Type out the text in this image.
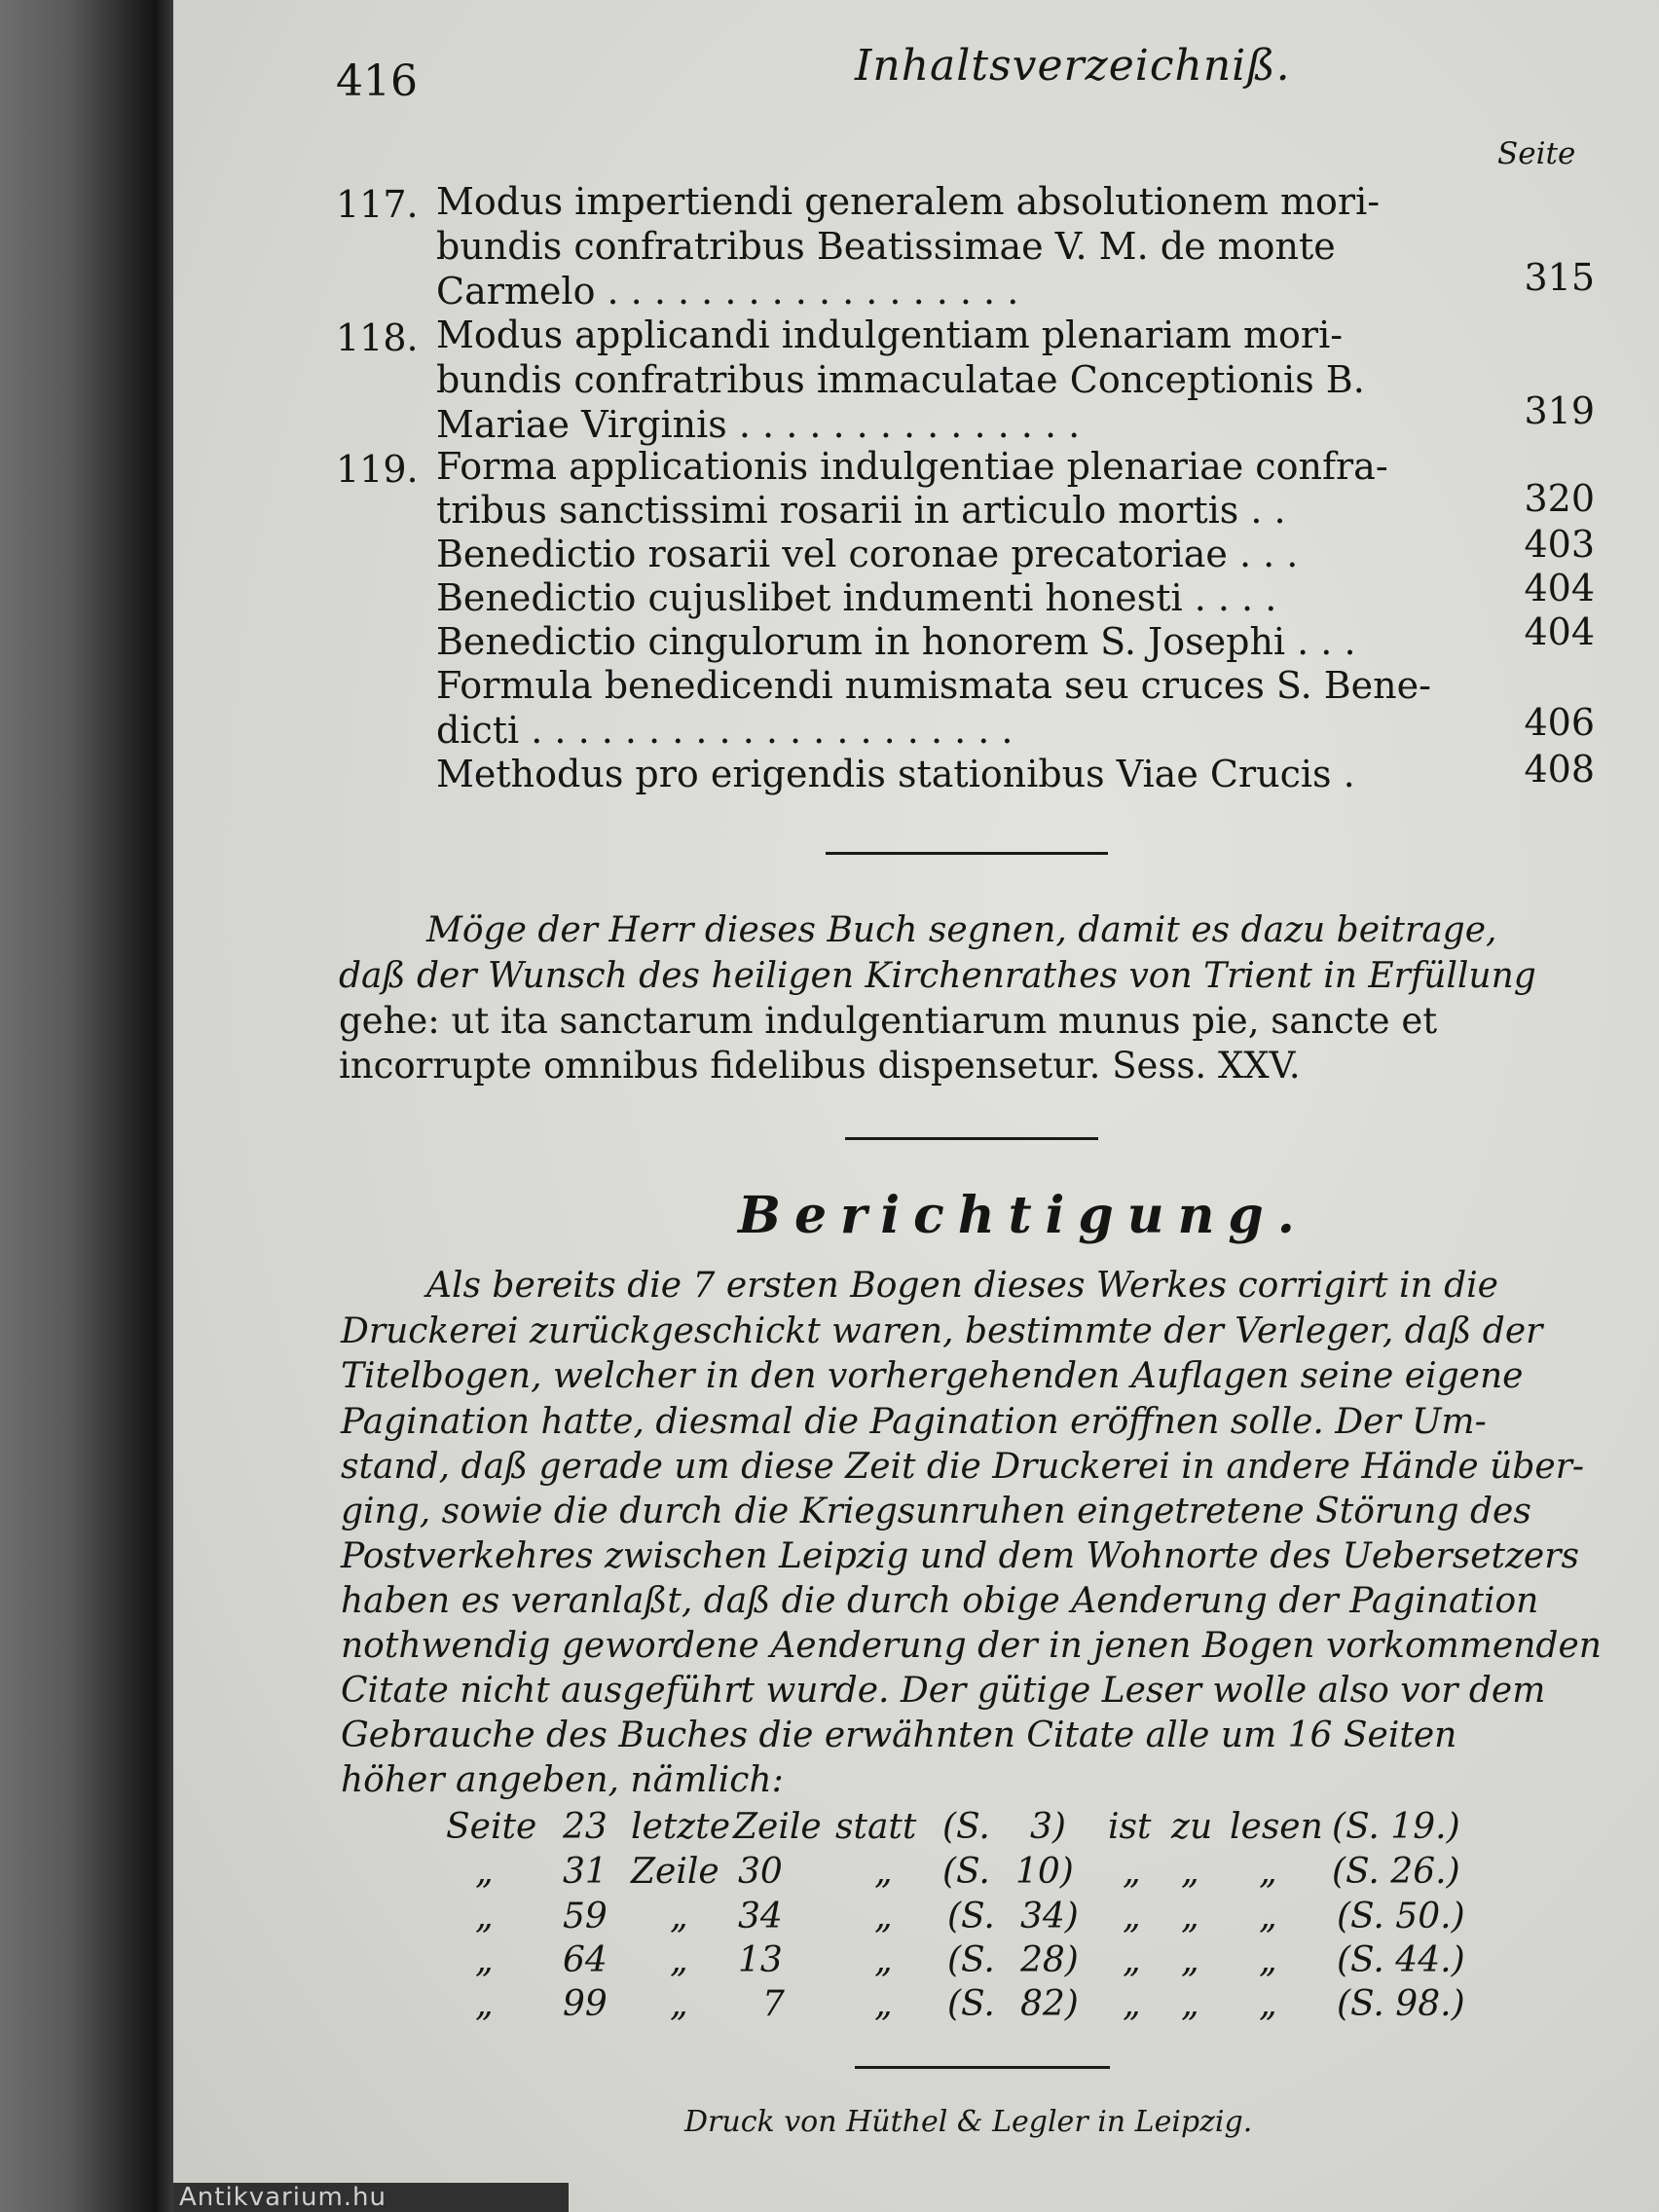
416	Inhaltsverzeichniß.
Seite
117. Modus impertiendi generalem absolutionem mori-
bundis confratribus Beatissimae V. M. de monte
Carmelo . . . . . . . . . . . . . . . . . .	315
118. Modus applicandi indulgentiam plenariam mori-
bundis confratribus immaculatae Conceptionis B.
Mariae Virginis . . . . . . . . . . . . . . .	319
119. Forma applicationis indulgentiae plenariae confra-
tribus sanctissimi rosarii in articulo mortis . .	320
Benedictio rosarii vel coronae precatoriae . . .	403
Benedictio cujuslibet indumenti honesti . . . .	404
Benedictio cingulorum in honorem S. Josephi . . .	404
Formula benedicendi numismata seu cruces S. Bene-
dicti . . . . . . . . . . . . . . . . . . . . .	406
Methodus pro erigendis stationibus Viae Crucis .	408
Möge der Herr dieses Buch segnen, damit es dazu beitrage,
daß der Wunsch des heiligen Kirchenrathes von Trient in Erfüllung
gehe: ut ita sanctarum indulgentiarum munus pie, sancte et
incorrupte omnibus fidelibus dispensetur. Sess. XXV.
Berichtigung.
Als bereits die 7 ersten Bogen dieses Werkes corrigirt in die
Druckerei zurückgeschickt waren, bestimmte der Verleger, daß der
Titelbogen, welcher in den vorhergehenden Auflagen seine eigene
Pagination hatte, diesmal die Pagination eröffnen solle. Der Um-
stand, daß gerade um diese Zeit die Druckerei in andere Hände über-
ging, sowie die durch die Kriegsunruhen eingetretene Störung des
Postverkehres zwischen Leipzig und dem Wohnorte des Uebersetzers
haben es veranlaßt, daß die durch obige Aenderung der Pagination
nothwendig gewordene Aenderung der in jenen Bogen vorkommenden
Citate nicht ausgeführt wurde. Der gütige Leser wolle also vor dem
Gebrauche des Buches die erwähnten Citate alle um 16 Seiten
höher angeben, nämlich:
Seite 23 letzte Zeile statt (S. 3) ist zu lesen (S. 19.)
„ 31 Zeile 30	„ (S. 10) „ „ „ (S. 26.)
„ 59 „ 34	„ (S. 34) „ „ „ (S. 50.)
„ 64 „ 13	„ (S. 28) „ „ „ (S. 44.)
„ 99 „ 7	„ (S. 82) „ „ „ (S. 98.)
Druck von Hüthel & Legler in Leipzig.
Antikvarium.hu
